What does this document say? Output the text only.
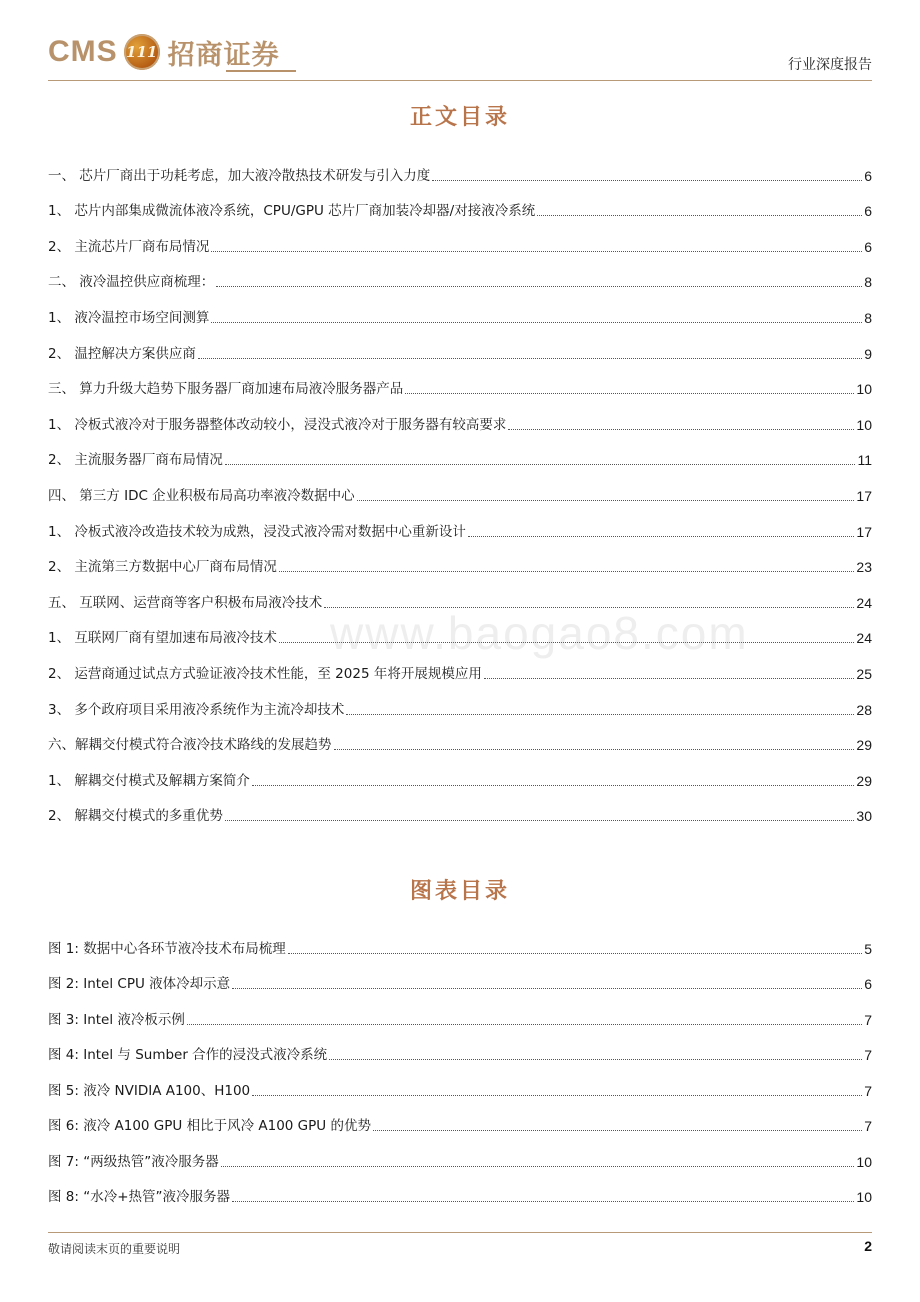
CMS 111 招商证券	行业深度报告
正文目录
一、 芯片厂商出于功耗考虑，加大液冷散热技术研发与引入力度	6
1、 芯片内部集成微流体液冷系统，CPU/GPU 芯片厂商加装冷却器/对接液冷系统	6
2、 主流芯片厂商布局情况	6
二、 液冷温控供应商梳理：	8
1、 液冷温控市场空间测算	8
2、 温控解决方案供应商	9
三、 算力升级大趋势下服务器厂商加速布局液冷服务器产品	10
1、 冷板式液冷对于服务器整体改动较小，浸没式液冷对于服务器有较高要求	10
2、 主流服务器厂商布局情况	11
四、 第三方 IDC 企业积极布局高功率液冷数据中心	17
1、 冷板式液冷改造技术较为成熟，浸没式液冷需对数据中心重新设计	17
2、 主流第三方数据中心厂商布局情况	23
五、 互联网、运营商等客户积极布局液冷技术	24
1、 互联网厂商有望加速布局液冷技术	24
2、 运营商通过试点方式验证液冷技术性能，至 2025 年将开展规模应用	25
3、 多个政府项目采用液冷系统作为主流冷却技术	28
六、解耦交付模式符合液冷技术路线的发展趋势	29
1、 解耦交付模式及解耦方案简介	29
2、 解耦交付模式的多重优势	30
www.baogao8.com
图表目录
图 1: 数据中心各环节液冷技术布局梳理	5
图 2: Intel CPU 液体冷却示意	6
图 3: Intel 液冷板示例	7
图 4: Intel 与 Sumber 合作的浸没式液冷系统	7
图 5: 液冷 NVIDIA A100、H100	7
图 6: 液冷 A100 GPU 相比于风冷 A100 GPU 的优势	7
图 7: “两级热管”液冷服务器	10
图 8: “水冷+热管”液冷服务器	10
敬请阅读末页的重要说明	2
